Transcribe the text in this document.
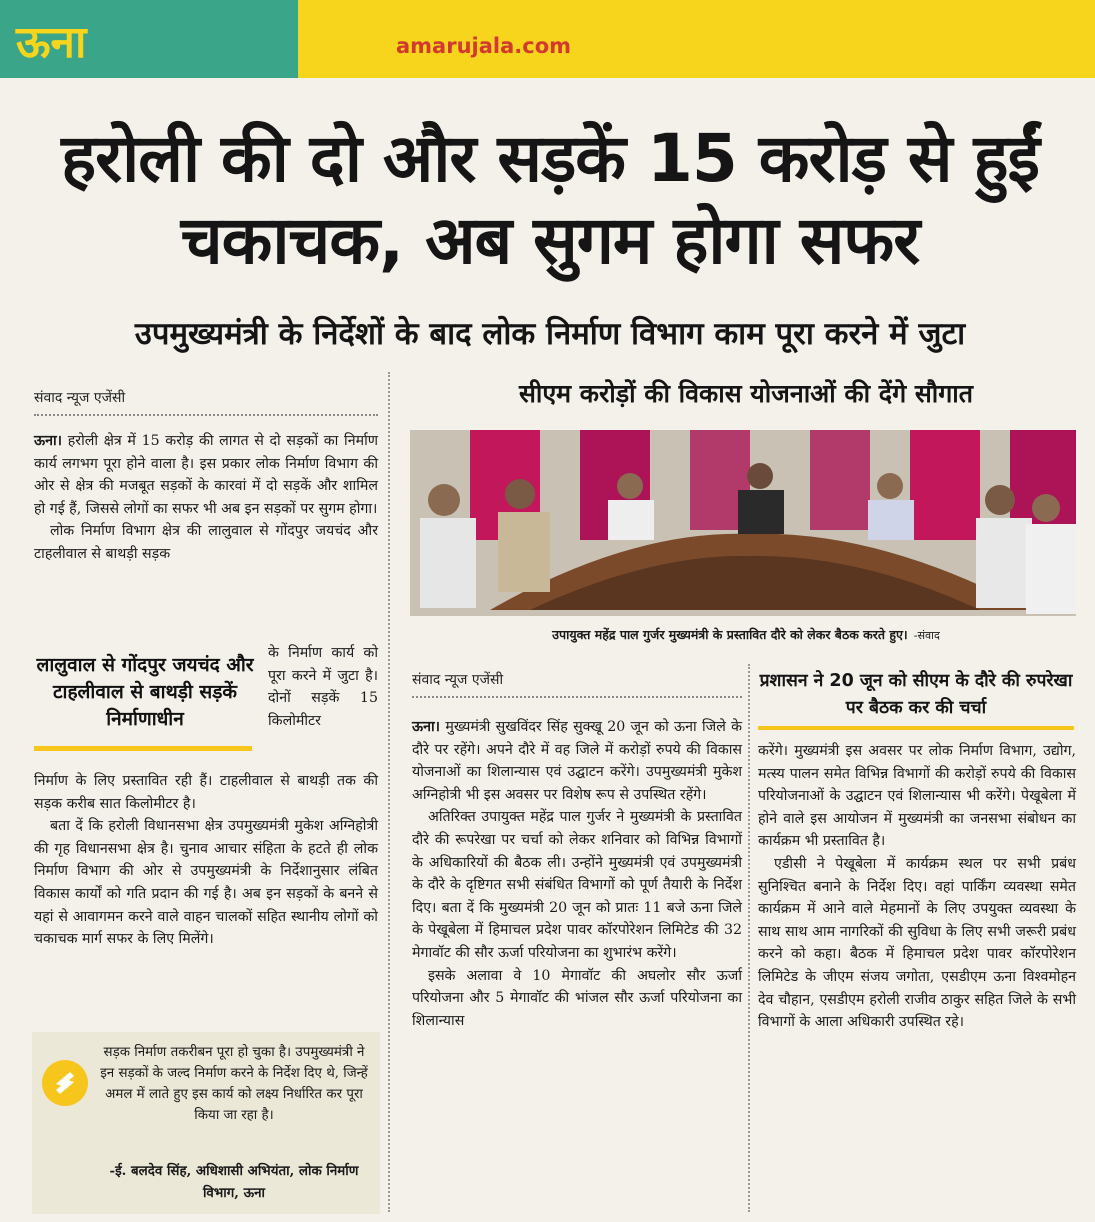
ऊना	amarujala.com
हरोली की दो और सड़कें 15 करोड़ से हुईं चकाचक, अब सुगम होगा सफर
उपमुख्यमंत्री के निर्देशों के बाद लोक निर्माण विभाग काम पूरा करने में जुटा
संवाद न्यूज एजेंसी

ऊना। हरोली क्षेत्र में 15 करोड़ की लागत से दो सड़कों का निर्माण कार्य लगभग पूरा होने वाला है। इस प्रकार लोक निर्माण विभाग की ओर से क्षेत्र की मजबूत सड़कों के कारवां में दो सड़कें और शामिल हो गई हैं, जिससे लोगों का सफर भी अब इन सड़कों पर सुगम होगा।

लोक निर्माण विभाग क्षेत्र की लालुवाल से गोंदपुर जयचंद और टाहलीवाल से बाथड़ी सड़क

लालुवाल से गोंदपुर जयचंद और टाहलीवाल से बाथड़ी सड़कें निर्माणाधीन
के निर्माण कार्य को पूरा करने में जुटा है। दोनों सड़कें 15 किलोमीटर

निर्माण के लिए प्रस्तावित रही हैं। टाहलीवाल से बाथड़ी तक की सड़क करीब सात किलोमीटर है।

बता दें कि हरोली विधानसभा क्षेत्र उपमुख्यमंत्री मुकेश अग्निहोत्री की गृह विधानसभा क्षेत्र है। चुनाव आचार संहिता के हटते ही लोक निर्माण विभाग की ओर से उपमुख्यमंत्री के निर्देशानुसार लंबित विकास कार्यों को गति प्रदान की गई है। अब इन सड़कों के बनने से यहां से आवागमन करने वाले वाहन चालकों सहित स्थानीय लोगों को चकाचक मार्ग सफर के लिए मिलेंगे।

सड़क निर्माण तकरीबन पूरा हो चुका है। उपमुख्यमंत्री ने इन सड़कों के जल्द निर्माण करने के निर्देश दिए थे, जिन्हें अमल में लाते हुए इस कार्य को लक्ष्य निर्धारित कर पूरा किया जा रहा है।
-ई. बलदेव सिंह, अधिशासी अभियंता, लोक निर्माण विभाग, ऊना
सीएम करोड़ों की विकास योजनाओं की देंगे सौगात
उपायुक्त महेंद्र पाल गुर्जर मुख्यमंत्री के प्रस्तावित दौरे को लेकर बैठक करते हुए। -संवाद
संवाद न्यूज एजेंसी	प्रशासन ने 20 जून को सीएम के दौरे की रुपरेखा पर बैठक कर की चर्चा

ऊना। मुख्यमंत्री सुखविंदर सिंह सुक्खू 20 जून को ऊना जिले के दौरे पर रहेंगे। अपने दौरे में वह जिले में करोड़ों रुपये की विकास योजनाओं का शिलान्यास एवं उद्घाटन करेंगे। उपमुख्यमंत्री मुकेश अग्निहोत्री भी इस अवसर पर विशेष रूप से उपस्थित रहेंगे।

अतिरिक्त उपायुक्त महेंद्र पाल गुर्जर ने मुख्यमंत्री के प्रस्तावित दौरे की रूपरेखा पर चर्चा को लेकर शनिवार को विभिन्न विभागों के अधिकारियों की बैठक ली। उन्होंने मुख्यमंत्री एवं उपमुख्यमंत्री के दौरे के दृष्टिगत सभी संबंधित विभागों को पूर्ण तैयारी के निर्देश दिए। बता दें कि मुख्यमंत्री 20 जून को प्रातः 11 बजे ऊना जिले के पेखूबेला में हिमाचल प्रदेश पावर कॉरपोरेशन लिमिटेड की 32 मेगावॉट की सौर ऊर्जा परियोजना का शुभारंभ करेंगे।

इसके अलावा वे 10 मेगावॉट की अघलोर सौर ऊर्जा परियोजना और 5 मेगावॉट की भांजल सौर ऊर्जा परियोजना का शिलान्यास

करेंगे। मुख्यमंत्री इस अवसर पर लोक निर्माण विभाग, उद्योग, मत्स्य पालन समेत विभिन्न विभागों की करोड़ों रुपये की विकास परियोजनाओं के उद्घाटन एवं शिलान्यास भी करेंगे। पेखूबेला में होने वाले इस आयोजन में मुख्यमंत्री का जनसभा संबोधन का कार्यक्रम भी प्रस्तावित है।

एडीसी ने पेखूबेला में कार्यक्रम स्थल पर सभी प्रबंध सुनिश्चित बनाने के निर्देश दिए। वहां पार्किंग व्यवस्था समेत कार्यक्रम में आने वाले मेहमानों के लिए उपयुक्त व्यवस्था के साथ साथ आम नागरिकों की सुविधा के लिए सभी जरूरी प्रबंध करने को कहा। बैठक में हिमाचल प्रदेश पावर कॉरपोरेशन लिमिटेड के जीएम संजय जगोता, एसडीएम ऊना विश्वमोहन देव चौहान, एसडीएम हरोली राजीव ठाकुर सहित जिले के सभी विभागों के आला अधिकारी उपस्थित रहे।
